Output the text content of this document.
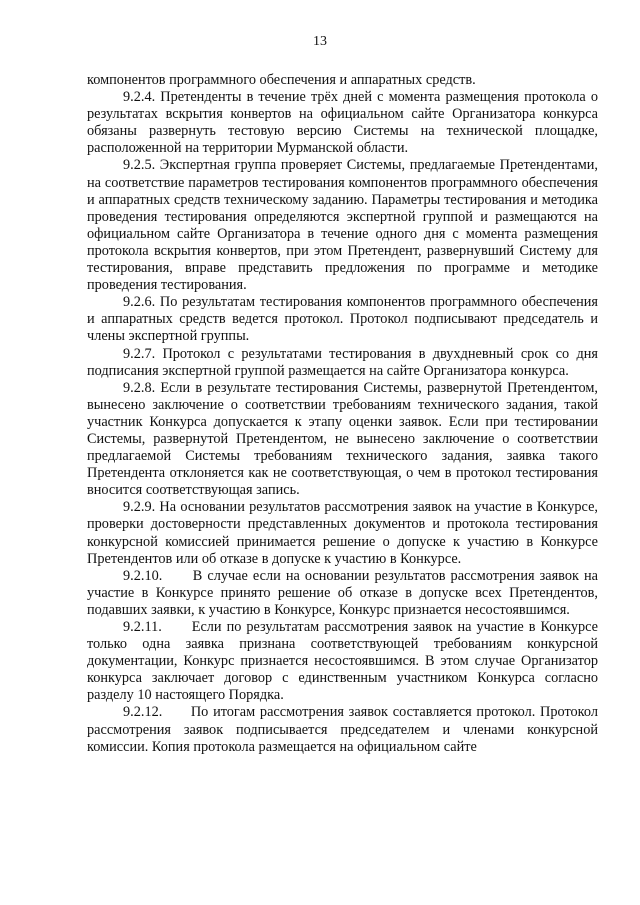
13

компонентов программного обеспечения и аппаратных средств.

9.2.4. Претенденты в течение трёх дней с момента размещения протокола о результатах вскрытия конвертов на официальном сайте Организатора конкурса обязаны развернуть тестовую версию Системы на технической площадке, расположенной на территории Мурманской области.

9.2.5. Экспертная группа проверяет Системы, предлагаемые Претендентами, на соответствие параметров тестирования компонентов программного обеспечения и аппаратных средств техническому заданию. Параметры тестирования и методика проведения тестирования определяются экспертной группой и размещаются на официальном сайте Организатора в течение одного дня с момента размещения протокола вскрытия конвертов, при этом Претендент, развернувший Систему для тестирования, вправе представить предложения по программе и методике проведения тестирования.

9.2.6. По результатам тестирования компонентов программного обеспечения и аппаратных средств ведется протокол. Протокол подписывают председатель и члены экспертной группы.

9.2.7. Протокол с результатами тестирования в двухдневный срок со дня подписания экспертной группой размещается на сайте Организатора конкурса.

9.2.8. Если в результате тестирования Системы, развернутой Претендентом, вынесено заключение о соответствии требованиям технического задания, такой участник Конкурса допускается к этапу оценки заявок. Если при тестировании Системы, развернутой Претендентом, не вынесено заключение о соответствии предлагаемой Системы требованиям технического задания, заявка такого Претендента отклоняется как не соответствующая, о чем в протокол тестирования вносится соответствующая запись.

9.2.9. На основании результатов рассмотрения заявок на участие в Конкурсе, проверки достоверности представленных документов и протокола тестирования конкурсной комиссией принимается решение о допуске к участию в Конкурсе Претендентов или об отказе в допуске к участию в Конкурсе.

9.2.10.      В случае если на основании результатов рассмотрения заявок на участие в Конкурсе принято решение об отказе в допуске всех Претендентов, подавших заявки, к участию в Конкурсе, Конкурс признается несостоявшимся.

9.2.11.      Если по результатам рассмотрения заявок на участие в Конкурсе только одна заявка признана соответствующей требованиям конкурсной документации, Конкурс признается несостоявшимся. В этом случае Организатор конкурса заключает договор с единственным участником Конкурса согласно разделу 10 настоящего Порядка.

9.2.12.      По итогам рассмотрения заявок составляется протокол. Протокол рассмотрения заявок подписывается председателем и членами конкурсной комиссии. Копия протокола размещается на официальном сайте
